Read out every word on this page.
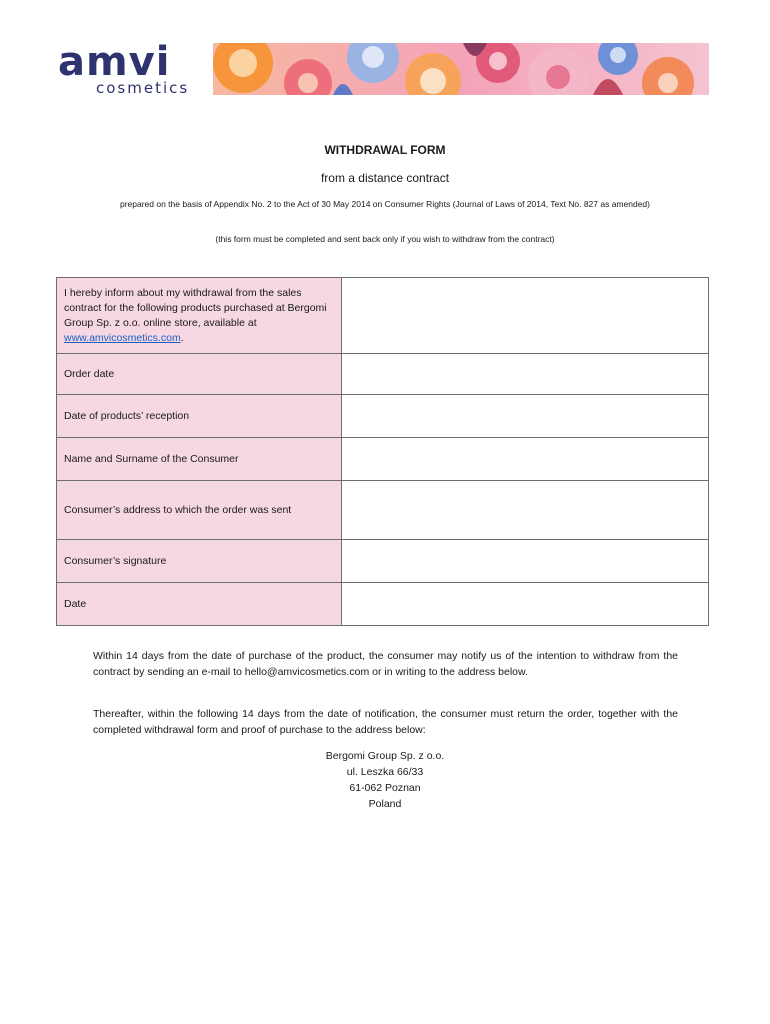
amvi
cosmetics
WITHDRAWAL FORM
from a distance contract
prepared on the basis of Appendix No. 2 to the Act of 30 May 2014 on Consumer Rights (Journal of Laws of 2014, Text No. 827 as amended)
(this form must be completed and sent back only if you wish to withdraw from the contract)
I hereby inform about my withdrawal from the sales contract for the following products purchased at Bergomi Group Sp. z o.o. online store, available at www.amvicosmetics.com.	
Order date	
Date of products’ reception	
Name and Surname of the Consumer	
Consumer’s address to which the order was sent	
Consumer’s signature	
Date	
Within 14 days from the date of purchase of the product, the consumer may notify us of the intention to withdraw from the contract by sending an e-mail to hello@amvicosmetics.com or in writing to the address below.
Thereafter, within the following 14 days from the date of notification, the consumer must return the order, together with the completed withdrawal form and proof of purchase to the address below:
Bergomi Group Sp. z o.o.
ul. Leszka 66/33
61-062 Poznan
Poland
